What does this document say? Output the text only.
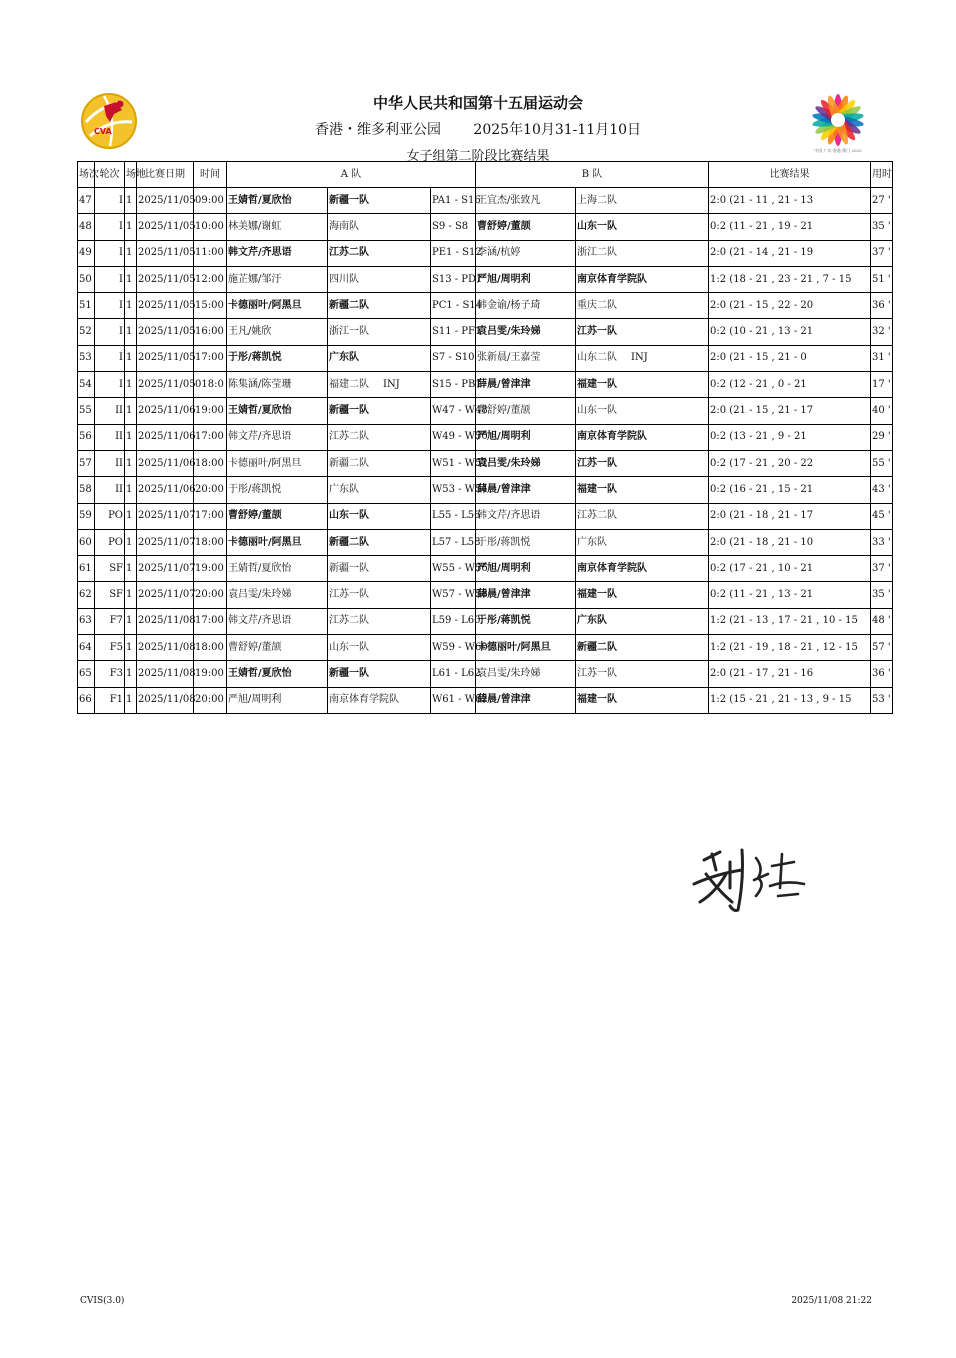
CVA
中国·广东·香港·澳门 2025
中华人民共和国第十五届运动会
香港・维多利亚公园 2025年10月31-11月10日
女子组第二阶段比赛结果
场次	轮次	场地	比赛日期	时间	A 队			B 队		比赛结果	用时
47	I	1	2025/11/05	09:00	王婧哲/夏欣怡	新疆一队	PA1 - S16	王宜杰/张致凡	上海二队	2:0 (21 - 11 , 21 - 13	27 '
48	I	1	2025/11/05	10:00	林美娜/谢虹	海南队	S9 - S8	曹舒婷/董颉	山东一队	0:2 (11 - 21 , 19 - 21	35 '
49	I	1	2025/11/05	11:00	韩文芹/齐思语	江苏二队	PE1 - S12	李涵/杭婷	浙江二队	2:0 (21 - 14 , 21 - 19	37 '
50	I	1	2025/11/05	12:00	施芷娜/邹汙	四川队	S13 - PD1	严旭/周明利	南京体育学院队	1:2 (18 - 21 , 23 - 21 , 7 - 15	51 '
51	I	1	2025/11/05	15:00	卡德丽叶/阿黑旦	新疆二队	PC1 - S14	韩金谕/杨子琦	重庆二队	2:0 (21 - 15 , 22 - 20	36 '
52	I	1	2025/11/05	16:00	王凡/姚欣	浙江一队	S11 - PF1	袁吕雯/朱玲娣	江苏一队	0:2 (10 - 21 , 13 - 21	32 '
53	I	1	2025/11/05	17:00	于彤/蒋凯悦	广东队	S7 - S10	张新晨/王嘉莹	山东二队 INJ	2:0 (21 - 15 , 21 - 0	31 '
54	I	1	2025/11/05	018:0	陈集涵/陈莹珊	福建二队 INJ	S15 - PB1	薛晨/曾津津	福建一队	0:2 (12 - 21 , 0 - 21	17 '
55	II	1	2025/11/06	19:00	王婧哲/夏欣怡	新疆一队	W47 - W48	曹舒婷/董颉	山东一队	2:0 (21 - 15 , 21 - 17	40 '
56	II	1	2025/11/06	17:00	韩文芹/齐思语	江苏二队	W49 - W50	严旭/周明利	南京体育学院队	0:2 (13 - 21 , 9 - 21	29 '
57	II	1	2025/11/06	18:00	卡德丽叶/阿黑旦	新疆二队	W51 - W52	袁吕雯/朱玲娣	江苏一队	0:2 (17 - 21 , 20 - 22	55 '
58	II	1	2025/11/06	20:00	于彤/蒋凯悦	广东队	W53 - W54	薛晨/曾津津	福建一队	0:2 (16 - 21 , 15 - 21	43 '
59	PO	1	2025/11/07	17:00	曹舒婷/董颉	山东一队	L55 - L56	韩文芹/齐思语	江苏二队	2:0 (21 - 18 , 21 - 17	45 '
60	PO	1	2025/11/07	18:00	卡德丽叶/阿黑旦	新疆二队	L57 - L58	于彤/蒋凯悦	广东队	2:0 (21 - 18 , 21 - 10	33 '
61	SF	1	2025/11/07	19:00	王婧哲/夏欣怡	新疆一队	W55 - W56	严旭/周明利	南京体育学院队	0:2 (17 - 21 , 10 - 21	37 '
62	SF	1	2025/11/07	20:00	袁吕雯/朱玲娣	江苏一队	W57 - W58	薛晨/曾津津	福建一队	0:2 (11 - 21 , 13 - 21	35 '
63	F7	1	2025/11/08	17:00	韩文芹/齐思语	江苏二队	L59 - L60	于彤/蒋凯悦	广东队	1:2 (21 - 13 , 17 - 21 , 10 - 15	48 '
64	F5	1	2025/11/08	18:00	曹舒婷/董颉	山东一队	W59 - W60	卡德丽叶/阿黑旦	新疆二队	1:2 (21 - 19 , 18 - 21 , 12 - 15	57 '
65	F3	1	2025/11/08	19:00	王婧哲/夏欣怡	新疆一队	L61 - L62	袁吕雯/朱玲娣	江苏一队	2:0 (21 - 17 , 21 - 16	36 '
66	F1	1	2025/11/08	20:00	严旭/周明利	南京体育学院队	W61 - W62	薛晨/曾津津	福建一队	1:2 (15 - 21 , 21 - 13 , 9 - 15	53 '
CVIS(3.0)	2025/11/08 21:22
